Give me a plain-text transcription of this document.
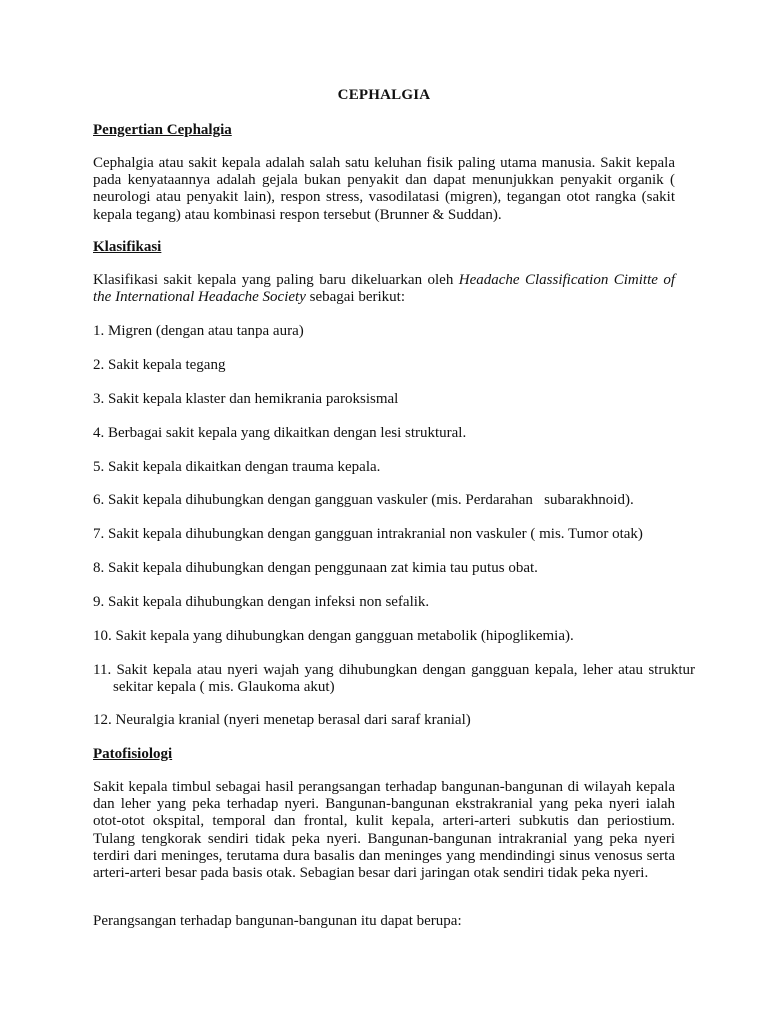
CEPHALGIA
Pengertian Cephalgia
Cephalgia atau sakit kepala adalah salah satu keluhan fisik paling utama manusia. Sakit kepala pada kenyataannya adalah gejala bukan penyakit dan dapat menunjukkan penyakit organik ( neurologi atau penyakit lain), respon stress, vasodilatasi (migren), tegangan otot rangka (sakit kepala tegang) atau kombinasi respon tersebut (Brunner & Suddan).
Klasifikasi
Klasifikasi sakit kepala yang paling baru dikeluarkan oleh Headache Classification Cimitte of the International Headache Society sebagai berikut:
1. Migren (dengan atau tanpa aura)
2. Sakit kepala tegang
3. Sakit kepala klaster dan hemikrania paroksismal
4. Berbagai sakit kepala yang dikaitkan dengan lesi struktural.
5. Sakit kepala dikaitkan dengan trauma kepala.
6. Sakit kepala dihubungkan dengan gangguan vaskuler (mis. Perdarahan   subarakhnoid).
7. Sakit kepala dihubungkan dengan gangguan intrakranial non vaskuler ( mis. Tumor otak)
8. Sakit kepala dihubungkan dengan penggunaan zat kimia tau putus obat.
9. Sakit kepala dihubungkan dengan infeksi non sefalik.
10. Sakit kepala yang dihubungkan dengan gangguan metabolik (hipoglikemia).
11. Sakit kepala atau nyeri wajah yang dihubungkan dengan gangguan kepala, leher atau struktur sekitar kepala ( mis. Glaukoma akut)
12. Neuralgia kranial (nyeri menetap berasal dari saraf kranial)
Patofisiologi
Sakit kepala timbul sebagai hasil perangsangan terhadap bangunan-bangunan di wilayah kepala dan leher yang peka terhadap nyeri. Bangunan-bangunan ekstrakranial yang peka nyeri ialah otot-otot okspital, temporal dan frontal, kulit kepala, arteri-arteri subkutis dan periostium. Tulang tengkorak sendiri tidak peka nyeri. Bangunan-bangunan intrakranial yang peka nyeri terdiri dari meninges, terutama dura basalis dan meninges yang mendindingi sinus venosus serta arteri-arteri besar pada basis otak. Sebagian besar dari jaringan otak sendiri tidak peka nyeri.
Perangsangan terhadap bangunan-bangunan itu dapat berupa:
